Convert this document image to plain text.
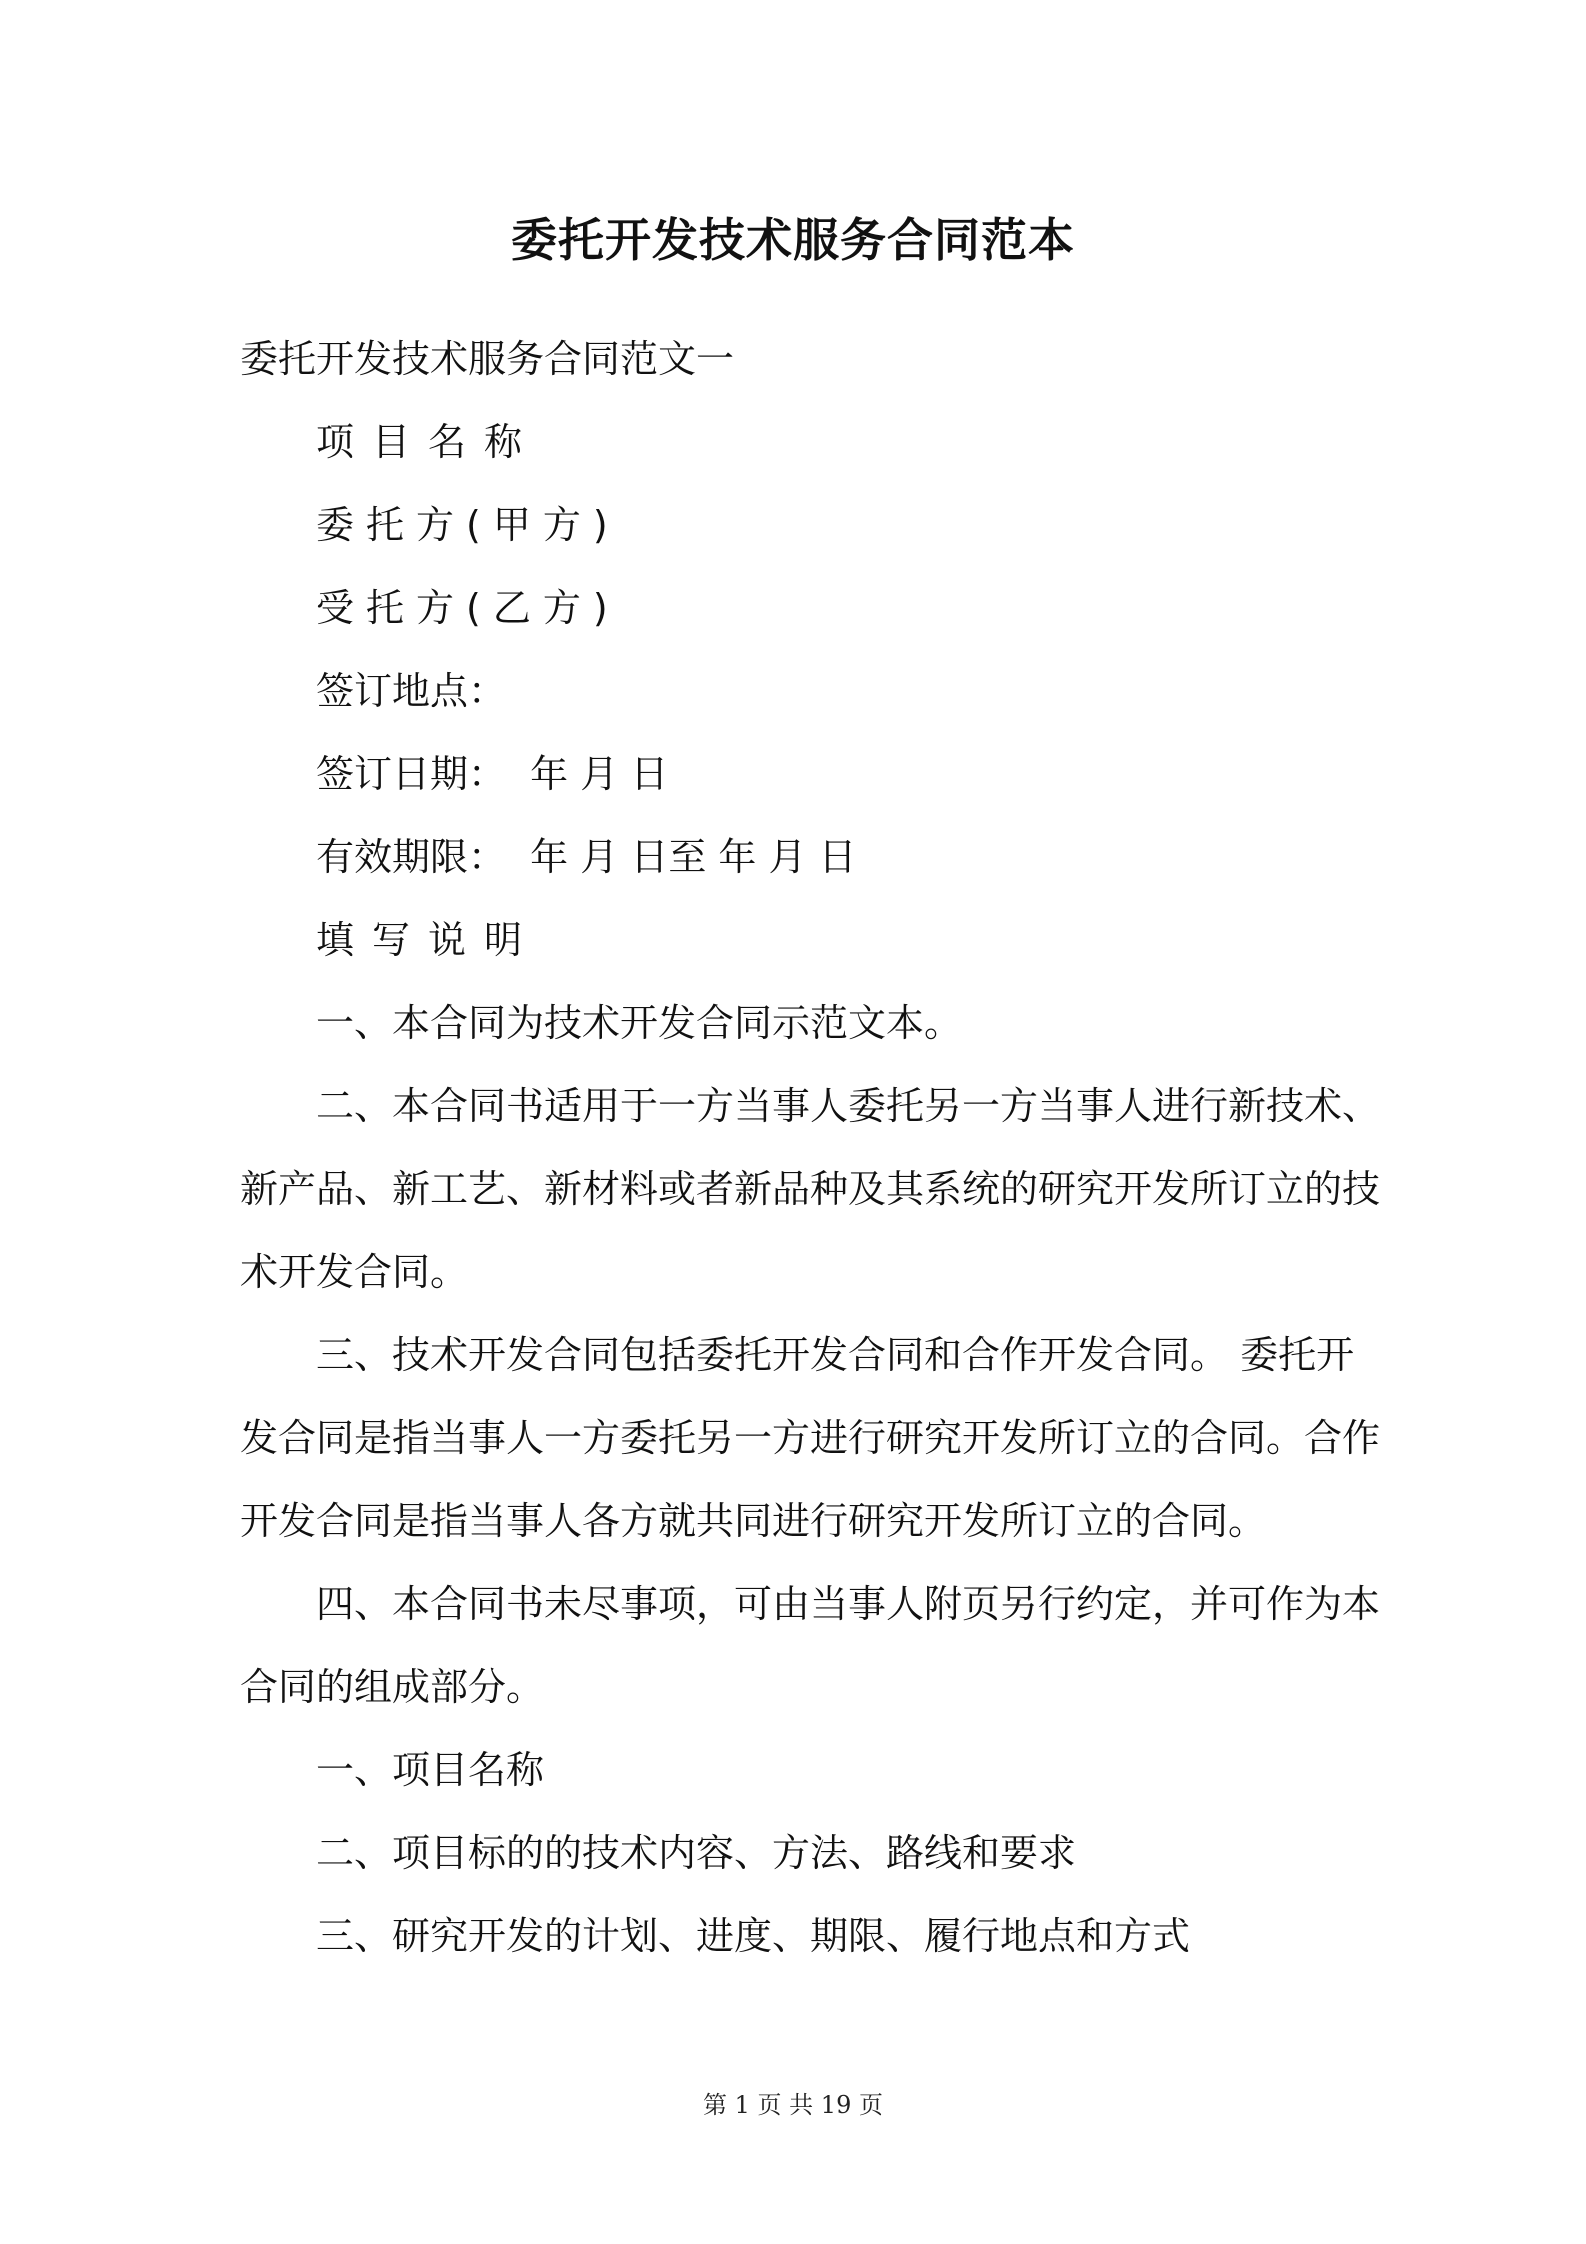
委托开发技术服务合同范本
委托开发技术服务合同范文一
项目名称
委托方(甲方)
受托方(乙方)
签订地点：
签订日期：  年 月 日
有效期限：  年 月 日至 年 月 日
填写说明
一、本合同为技术开发合同示范文本。
二、本合同书适用于一方当事人委托另一方当事人进行新技术、
新产品、新工艺、新材料或者新品种及其系统的研究开发所订立的技
术开发合同。
三、技术开发合同包括委托开发合同和合作开发合同。 委托开
发合同是指当事人一方委托另一方进行研究开发所订立的合同。合作
开发合同是指当事人各方就共同进行研究开发所订立的合同。
四、本合同书未尽事项，可由当事人附页另行约定，并可作为本
合同的组成部分。
一、项目名称
二、项目标的的技术内容、方法、路线和要求
三、研究开发的计划、进度、期限、履行地点和方式
第 1 页 共 19 页
